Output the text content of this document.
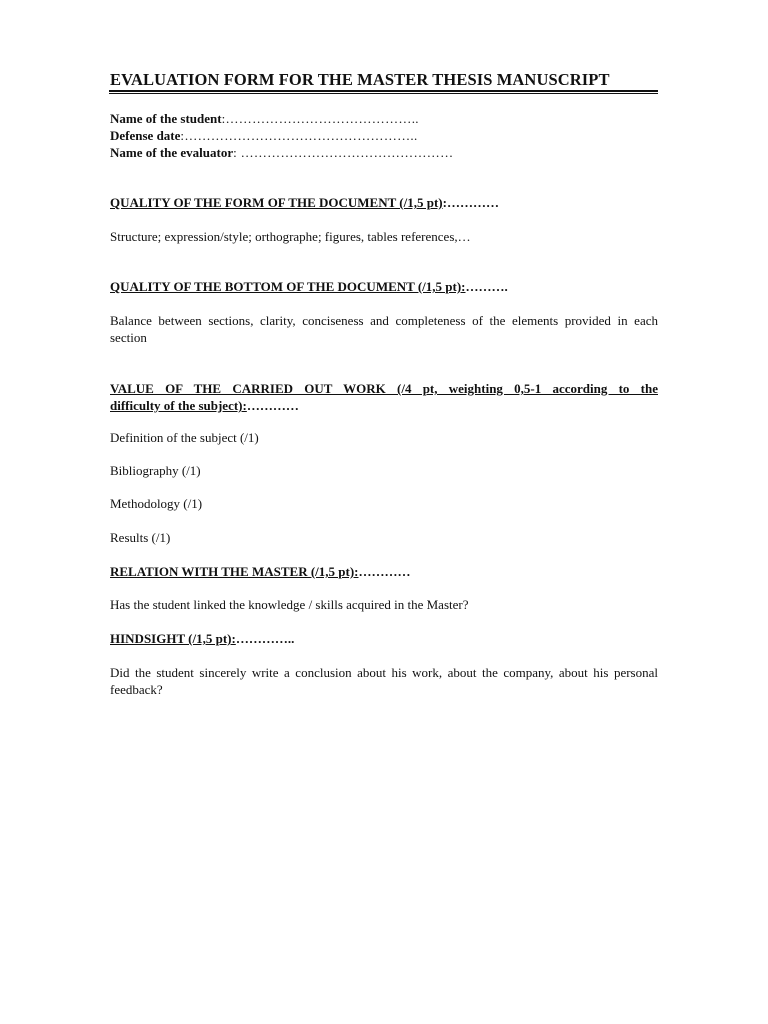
EVALUATION FORM FOR THE MASTER THESIS MANUSCRIPT
Name of the student:……………………………………..
Defense date:……………………………………………..
Name of the evaluator: …………………………………………
QUALITY OF THE FORM OF THE DOCUMENT (/1,5 pt):…………
Structure; expression/style; orthographe; figures, tables references,…
QUALITY OF THE BOTTOM OF THE DOCUMENT (/1,5 pt):……….
Balance between sections, clarity, conciseness and completeness of the elements provided in each section
VALUE OF THE CARRIED OUT WORK (/4 pt, weighting 0,5-1 according to the
difficulty of the subject):…………
Definition of the subject (/1)
Bibliography (/1)
Methodology (/1)
Results (/1)
RELATION WITH THE MASTER (/1,5 pt):…………
Has the student linked the knowledge / skills acquired in the Master?
HINDSIGHT (/1,5 pt):…………..
Did the student sincerely write a conclusion about his work, about the company, about his personal feedback?
